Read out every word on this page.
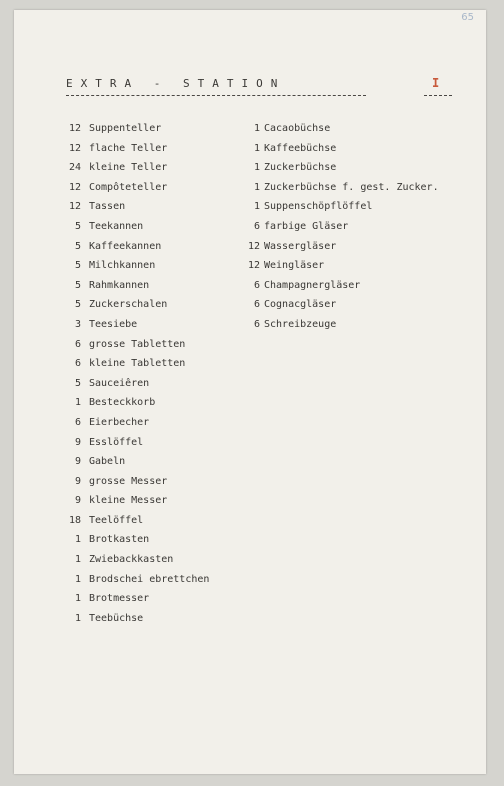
65
EXTRA - STATION	I
12 Suppenteller
12 flache Teller
24 kleine Teller
12 Compôteteller
12 Tassen
5 Teekannen
5 Kaffeekannen
5 Milchkannen
5 Rahmkannen
5 Zuckerschalen
3 Teesiebe
6 grosse Tabletten
6 kleine Tabletten
5 Sauceiêren
1 Besteckkorb
6 Eierbecher
9 Esslöffel
9 Gabeln
9 grosse Messer
9 kleine Messer
18 Teelöffel
1 Brotkasten
1 Zwiebackkasten
1 Brodschei ebrettchen
1 Brotmesser
1 Teebüchse
1 Cacaobüchse
1 Kaffeebüchse
1 Zuckerbüchse
1 Zuckerbüchse f. gest. Zucker.
1 Suppenschöpflöffel
6 farbige Gläser
12 Wassergläser
12 Weingläser
6 Champagnergläser
6 Cognacgläser
6 Schreibzeuge
